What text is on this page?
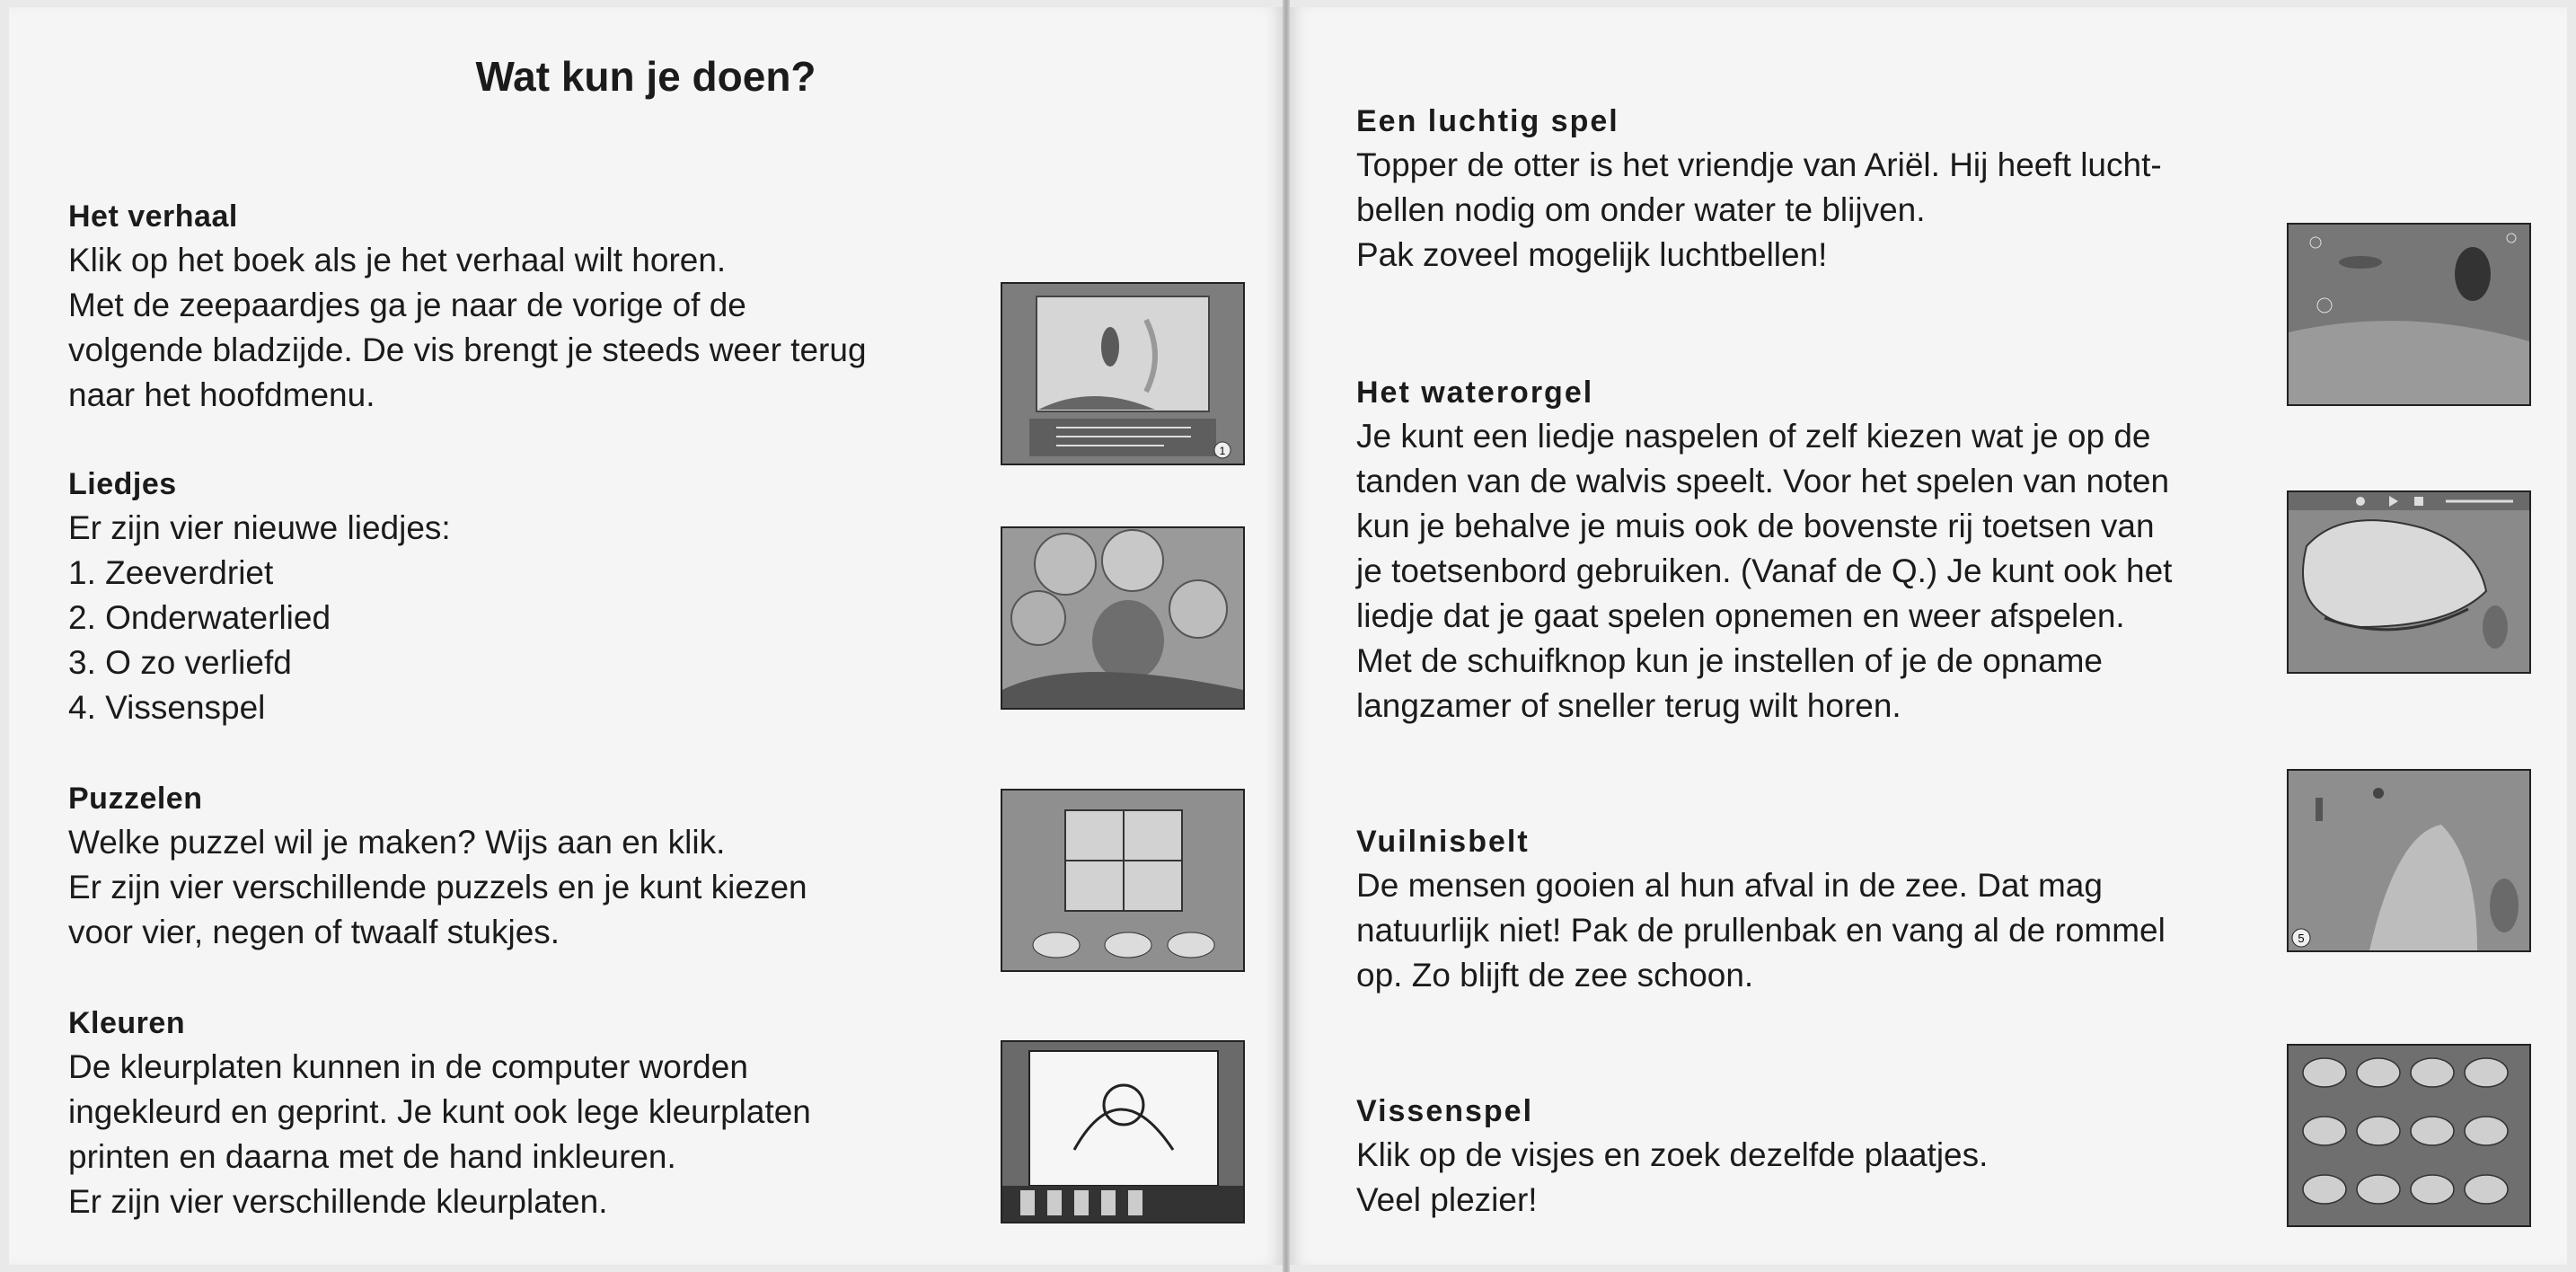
Wat kun je doen?
Het verhaal

Klik op het boek als je het verhaal wilt horen.

Met de zeepaardjes ga je naar de vorige of de

volgende bladzijde. De vis brengt je steeds weer terug

naar het hoofdmenu.

Liedjes

Er zijn vier nieuwe liedjes:

1. Zeeverdriet

2. Onderwaterlied

3. O zo verliefd

4. Vissenspel

Puzzelen

Welke puzzel wil je maken? Wijs aan en klik.

Er zijn vier verschillende puzzels en je kunt kiezen

voor vier, negen of twaalf stukjes.

Kleuren

De kleurplaten kunnen in de computer worden

ingekleurd en geprint. Je kunt ook lege kleurplaten

printen en daarna met de hand inkleuren.

Er zijn vier verschillende kleurplaten.

1
Een luchtig spel

Topper de otter is het vriendje van Ariël. Hij heeft lucht-

bellen nodig om onder water te blijven.

Pak zoveel mogelijk luchtbellen!

Het waterorgel

Je kunt een liedje naspelen of zelf kiezen wat je op de

tanden van de walvis speelt. Voor het spelen van noten

kun je behalve je muis ook de bovenste rij toetsen van

je toetsenbord gebruiken. (Vanaf de Q.) Je kunt ook het

liedje dat je gaat spelen opnemen en weer afspelen.

Met de schuifknop kun je instellen of je de opname

langzamer of sneller terug wilt horen.

Vuilnisbelt

De mensen gooien al hun afval in de zee. Dat mag

natuurlijk niet! Pak de prullenbak en vang al de rommel

op. Zo blijft de zee schoon.

Vissenspel

Klik op de visjes en zoek dezelfde plaatjes.

Veel plezier!

5
